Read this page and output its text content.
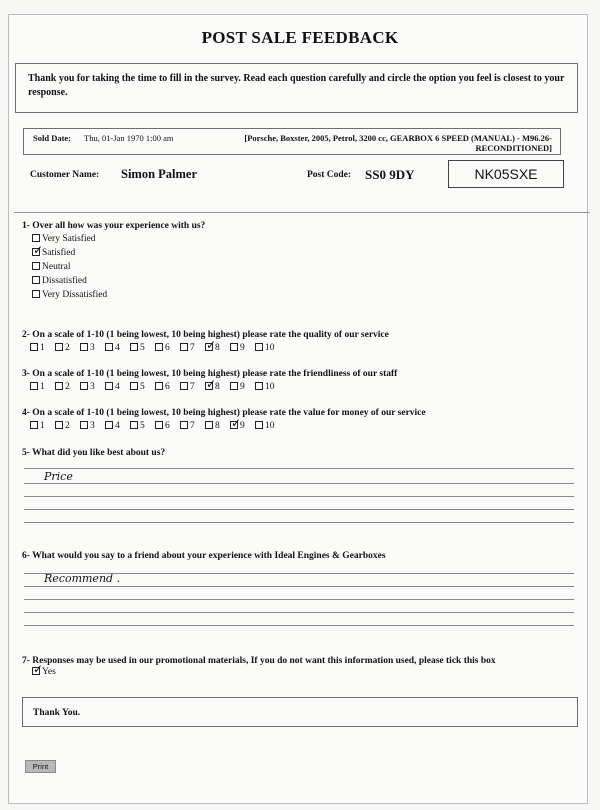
POST SALE FEEDBACK
Thank you for taking the time to fill in the survey. Read each question carefully and circle the option you feel is closest to your response.
Sold Date: Thu, 01-Jan 1970 1:00 am	[Porsche, Boxster, 2005, Petrol, 3200 cc, GEARBOX 6 SPEED (MANUAL) - M96.26-RECONDITIONED]
Customer Name: Simon Palmer	Post Code: SS0 9DY	NK05SXE
1- Over all how was your experience with us?
Very Satisfied
✓Satisfied
Neutral
Dissatisfied
Very Dissatisfied
2- On a scale of 1-10 (1 being lowest, 10 being highest) please rate the quality of our service
1 2 3 4 5 6 7 ✓ 8 9 10
3- On a scale of 1-10 (1 being lowest, 10 being highest) please rate the friendliness of our staff
1 2 3 4 5 6 7 ✓ 8 9 10
4- On a scale of 1-10 (1 being lowest, 10 being highest) please rate the value for money of our service
1 2 3 4 5 6 7 8 ✓ 9 10
5- What did you like best about us?
Price
6- What would you say to a friend about your experience with Ideal Engines & Gearboxes
Recommend .
7- Responses may be used in our promotional materials, If you do not want this information used, please tick this box
✓Yes
Thank You.
Print
